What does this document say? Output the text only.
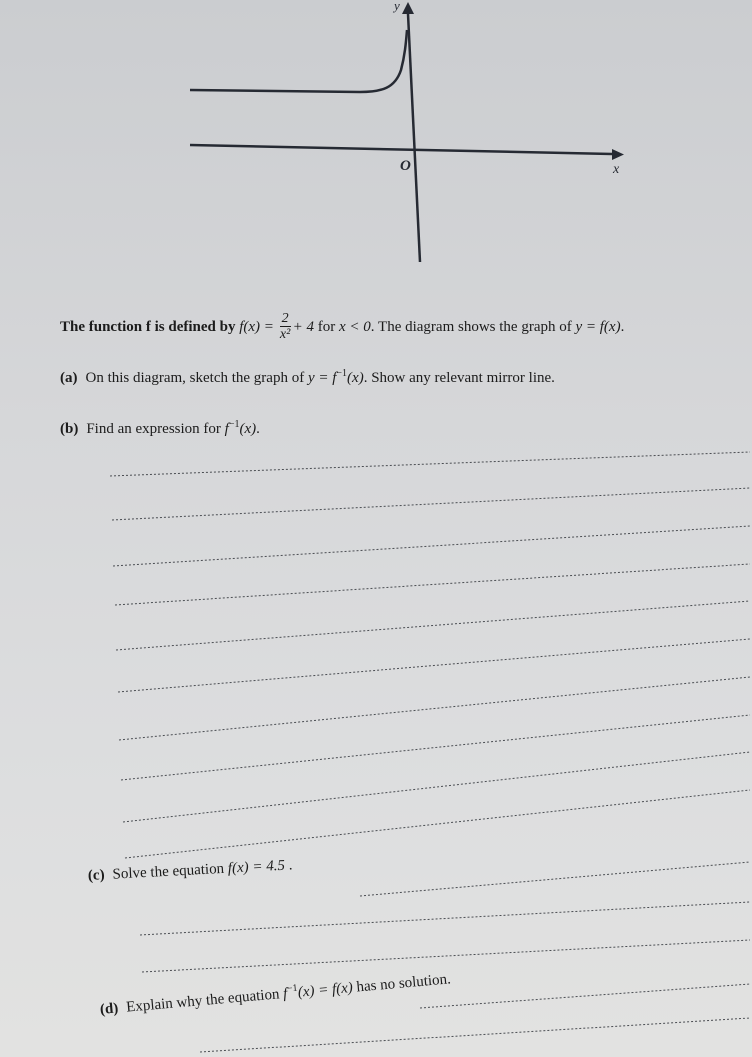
y
x
O
The function f is defined by $f(x) = \frac{2}{\text{x²}} + 4$ for x < 0. The diagram shows the graph of y = f(x).
(a) On this diagram, sketch the graph of $y = f^{-1}(x)$. Show any relevant mirror line.
(b) Find an expression for $f^{-1}(x)$.
(c) Solve the equation f(x) = 4.5 .
(d) Explain why the equation $f^{-1}(x) = f(x)$ has no solution.
